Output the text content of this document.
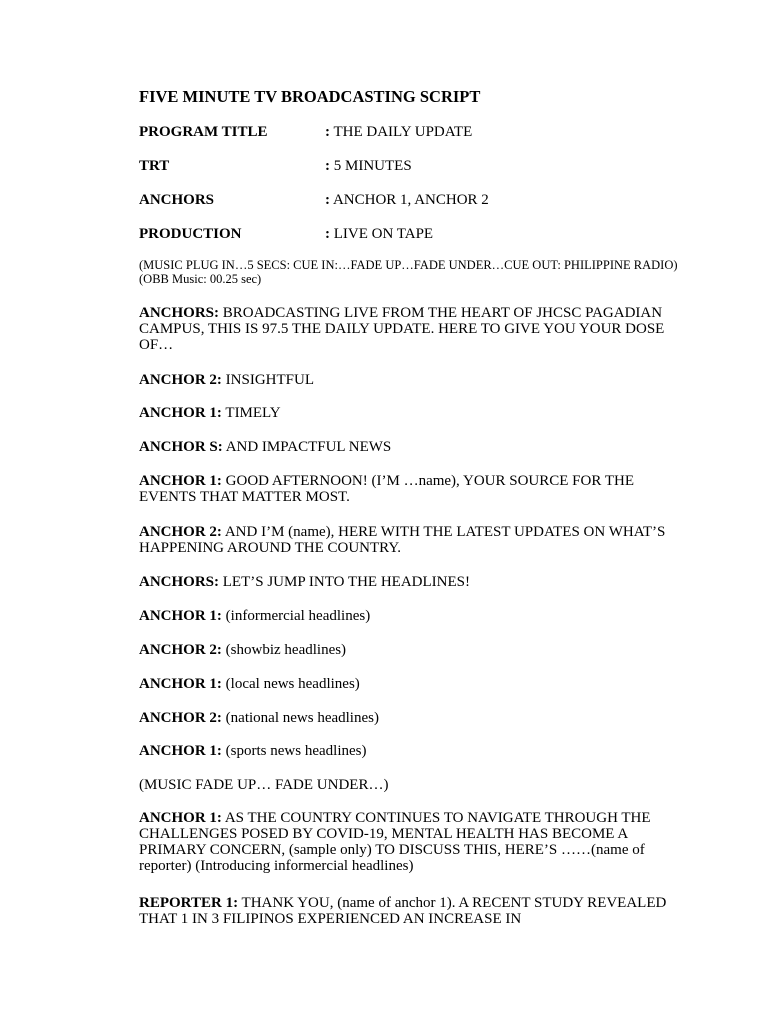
FIVE MINUTE TV BROADCASTING SCRIPT
PROGRAM TITLE	: THE DAILY UPDATE
TRT	: 5 MINUTES
ANCHORS	: ANCHOR 1, ANCHOR 2
PRODUCTION	: LIVE ON TAPE
(MUSIC PLUG IN…5 SECS: CUE IN:…FADE UP…FADE UNDER…CUE OUT: PHILIPPINE RADIO) (OBB Music: 00.25 sec)
ANCHORS: BROADCASTING LIVE FROM THE HEART OF JHCSC PAGADIAN CAMPUS, THIS IS 97.5 THE DAILY UPDATE. HERE TO GIVE YOU YOUR DOSE OF…
ANCHOR 2: INSIGHTFUL
ANCHOR 1: TIMELY
ANCHOR S: AND IMPACTFUL NEWS
ANCHOR 1: GOOD AFTERNOON! (I’M …name), YOUR SOURCE FOR THE EVENTS THAT MATTER MOST.
ANCHOR 2: AND I’M (name), HERE WITH THE LATEST UPDATES ON WHAT’S HAPPENING AROUND THE COUNTRY.
ANCHORS: LET’S JUMP INTO THE HEADLINES!
ANCHOR 1: (informercial headlines)
ANCHOR 2: (showbiz headlines)
ANCHOR 1: (local news headlines)
ANCHOR 2: (national news headlines)
ANCHOR 1: (sports news headlines)
(MUSIC FADE UP… FADE UNDER…)
ANCHOR 1: AS THE COUNTRY CONTINUES TO NAVIGATE THROUGH THE CHALLENGES POSED BY COVID-19, MENTAL HEALTH HAS BECOME A PRIMARY CONCERN, (sample only) TO DISCUSS THIS, HERE’S ……(name of reporter) (Introducing informercial headlines)
REPORTER 1: THANK YOU, (name of anchor 1). A RECENT STUDY REVEALED THAT 1 IN 3 FILIPINOS EXPERIENCED AN INCREASE IN
